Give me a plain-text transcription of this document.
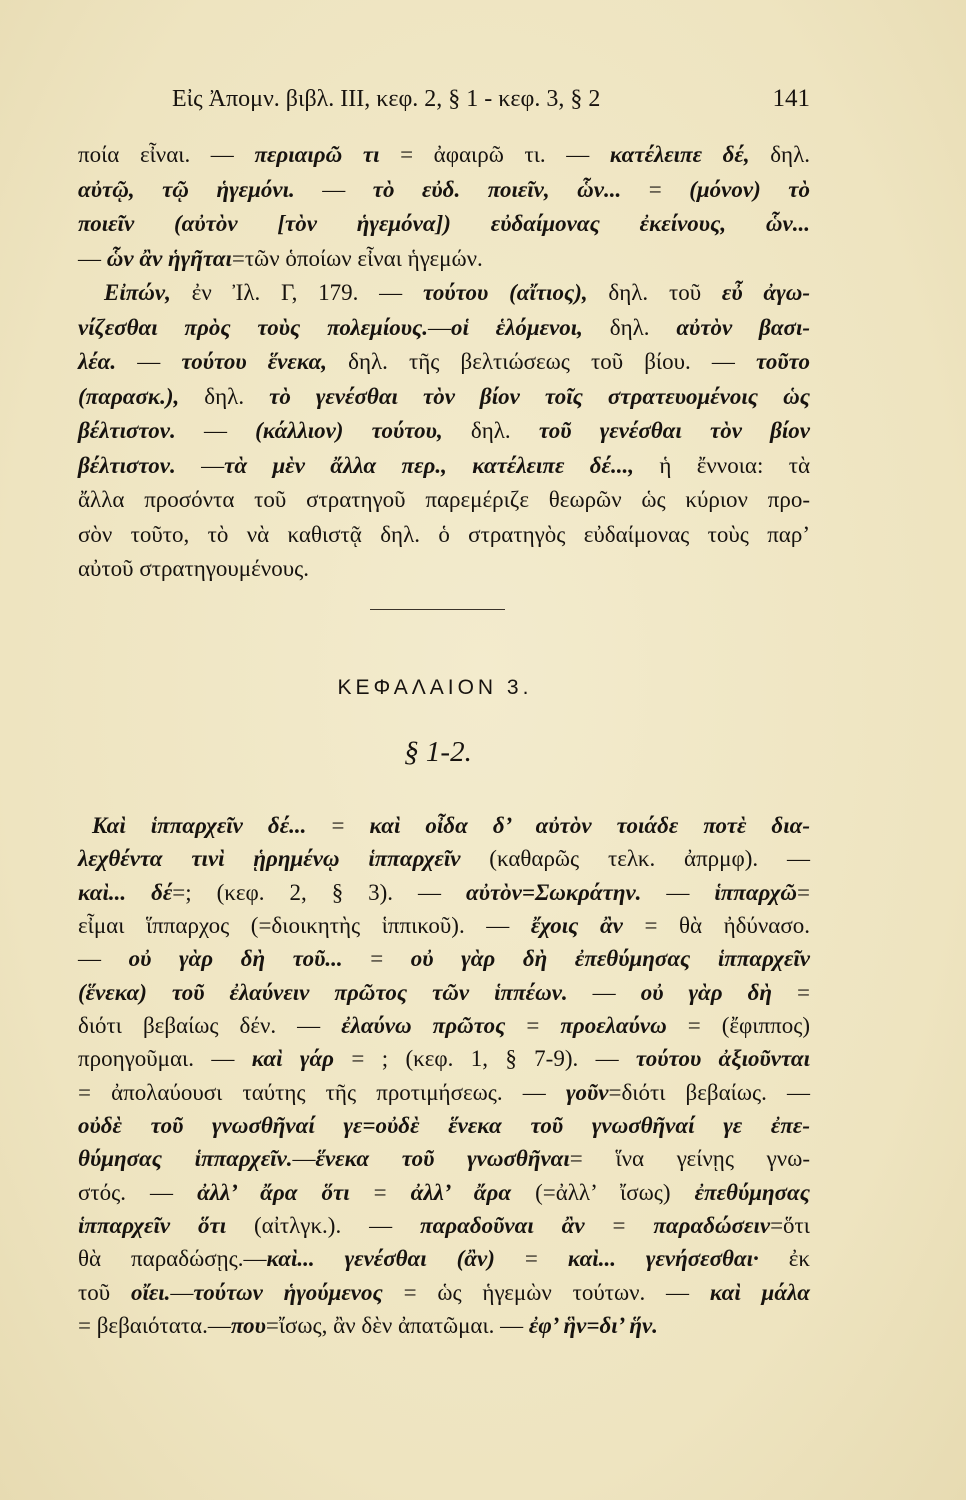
Εἰς Ἀπομν. βιβλ. III, κεφ. 2, § 1 - κεφ. 3, § 2	141
ποία εἶναι. — περιαιρῶ τι = ἀφαιρῶ τι. — κατέλειπε δέ, δηλ.
αὐτῷ, τῷ ἡγεμόνι. — τὸ εὐδ. ποιεῖν, ὧν... = (μόνον) τὸ
ποιεῖν (αὐτὸν [τὸν ἡγεμόνα]) εὐδαίμονας ἐκείνους, ὧν...
— ὧν ἂν ἡγῆται=τῶν ὁποίων εἶναι ἡγεμών.
Εἰπών, ἐν Ἰλ. Γ, 179. — τούτου (αἴτιος), δηλ. τοῦ εὖ ἀγω-
νίζεσθαι πρὸς τοὺς πολεμίους.—οἱ ἑλόμενοι, δηλ. αὐτὸν βασι-
λέα. — τούτου ἕνεκα, δηλ. τῆς βελτιώσεως τοῦ βίου. — τοῦτο
(παρασκ.), δηλ. τὸ γενέσθαι τὸν βίον τοῖς στρατευομένοις ὡς
βέλτιστον. — (κάλλιον) τούτου, δηλ. τοῦ γενέσθαι τὸν βίον
βέλτιστον. —τὰ μὲν ἄλλα περ., κατέλειπε δέ..., ἡ ἔννοια: τὰ
ἄλλα προσόντα τοῦ στρατηγοῦ παρεμέριζε θεωρῶν ὡς κύριον προ-
σὸν τοῦτο, τὸ νὰ καθιστᾷ δηλ. ὁ στρατηγὸς εὐδαίμονας τοὺς παρ’
αὐτοῦ στρατηγουμένους.
ΚΕΦΑΛΑΙΟΝ 3.
§ 1-2.
Καὶ ἱππαρχεῖν δέ... = καὶ οἶδα δ’ αὐτὸν τοιάδε ποτὲ δια-
λεχθέντα τινὶ ᾑρημένῳ ἱππαρχεῖν (καθαρῶς τελκ. ἀπρμφ). —
καὶ... δέ=; (κεφ. 2, § 3). — αὐτὸν=Σωκράτην. — ἱππαρχῶ=
εἶμαι ἵππαρχος (=διοικητὴς ἱππικοῦ). — ἔχοις ἂν = θὰ ἠδύνασο.
— οὐ γὰρ δὴ τοῦ... = οὐ γὰρ δὴ ἐπεθύμησας ἱππαρχεῖν
(ἕνεκα) τοῦ ἐλαύνειν πρῶτος τῶν ἱππέων. — οὐ γὰρ δὴ =
διότι βεβαίως δέν. — ἐλαύνω πρῶτος = προελαύνω = (ἔφιππος)
προηγοῦμαι. — καὶ γάρ = ; (κεφ. 1, § 7-9). — τούτου ἀξιοῦνται
= ἀπολαύουσι ταύτης τῆς προτιμήσεως. — γοῦν=διότι βεβαίως. —
οὐδὲ τοῦ γνωσθῆναί γε=οὐδὲ ἕνεκα τοῦ γνωσθῆναί γε ἐπε-
θύμησας ἱππαρχεῖν.—ἕνεκα τοῦ γνωσθῆναι= ἵνα γείνῃς γνω-
στός. — ἀλλ’ ἄρα ὅτι = ἀλλ’ ἄρα (=ἀλλ’ ἴσως) ἐπεθύμησας
ἱππαρχεῖν ὅτι (αἰτλγκ.). — παραδοῦναι ἂν = παραδώσειν=ὅτι
θὰ παραδώσῃς.—καὶ... γενέσθαι (ἂν) = καὶ... γενήσεσθαι· ἐκ
τοῦ οἴει.—τούτων ἡγούμενος = ὡς ἡγεμὼν τούτων. — καὶ μάλα
= βεβαιότατα.—που=ἴσως, ἂν δὲν ἀπατῶμαι. — ἐφ’ ἣν=δι’ ἥν.
